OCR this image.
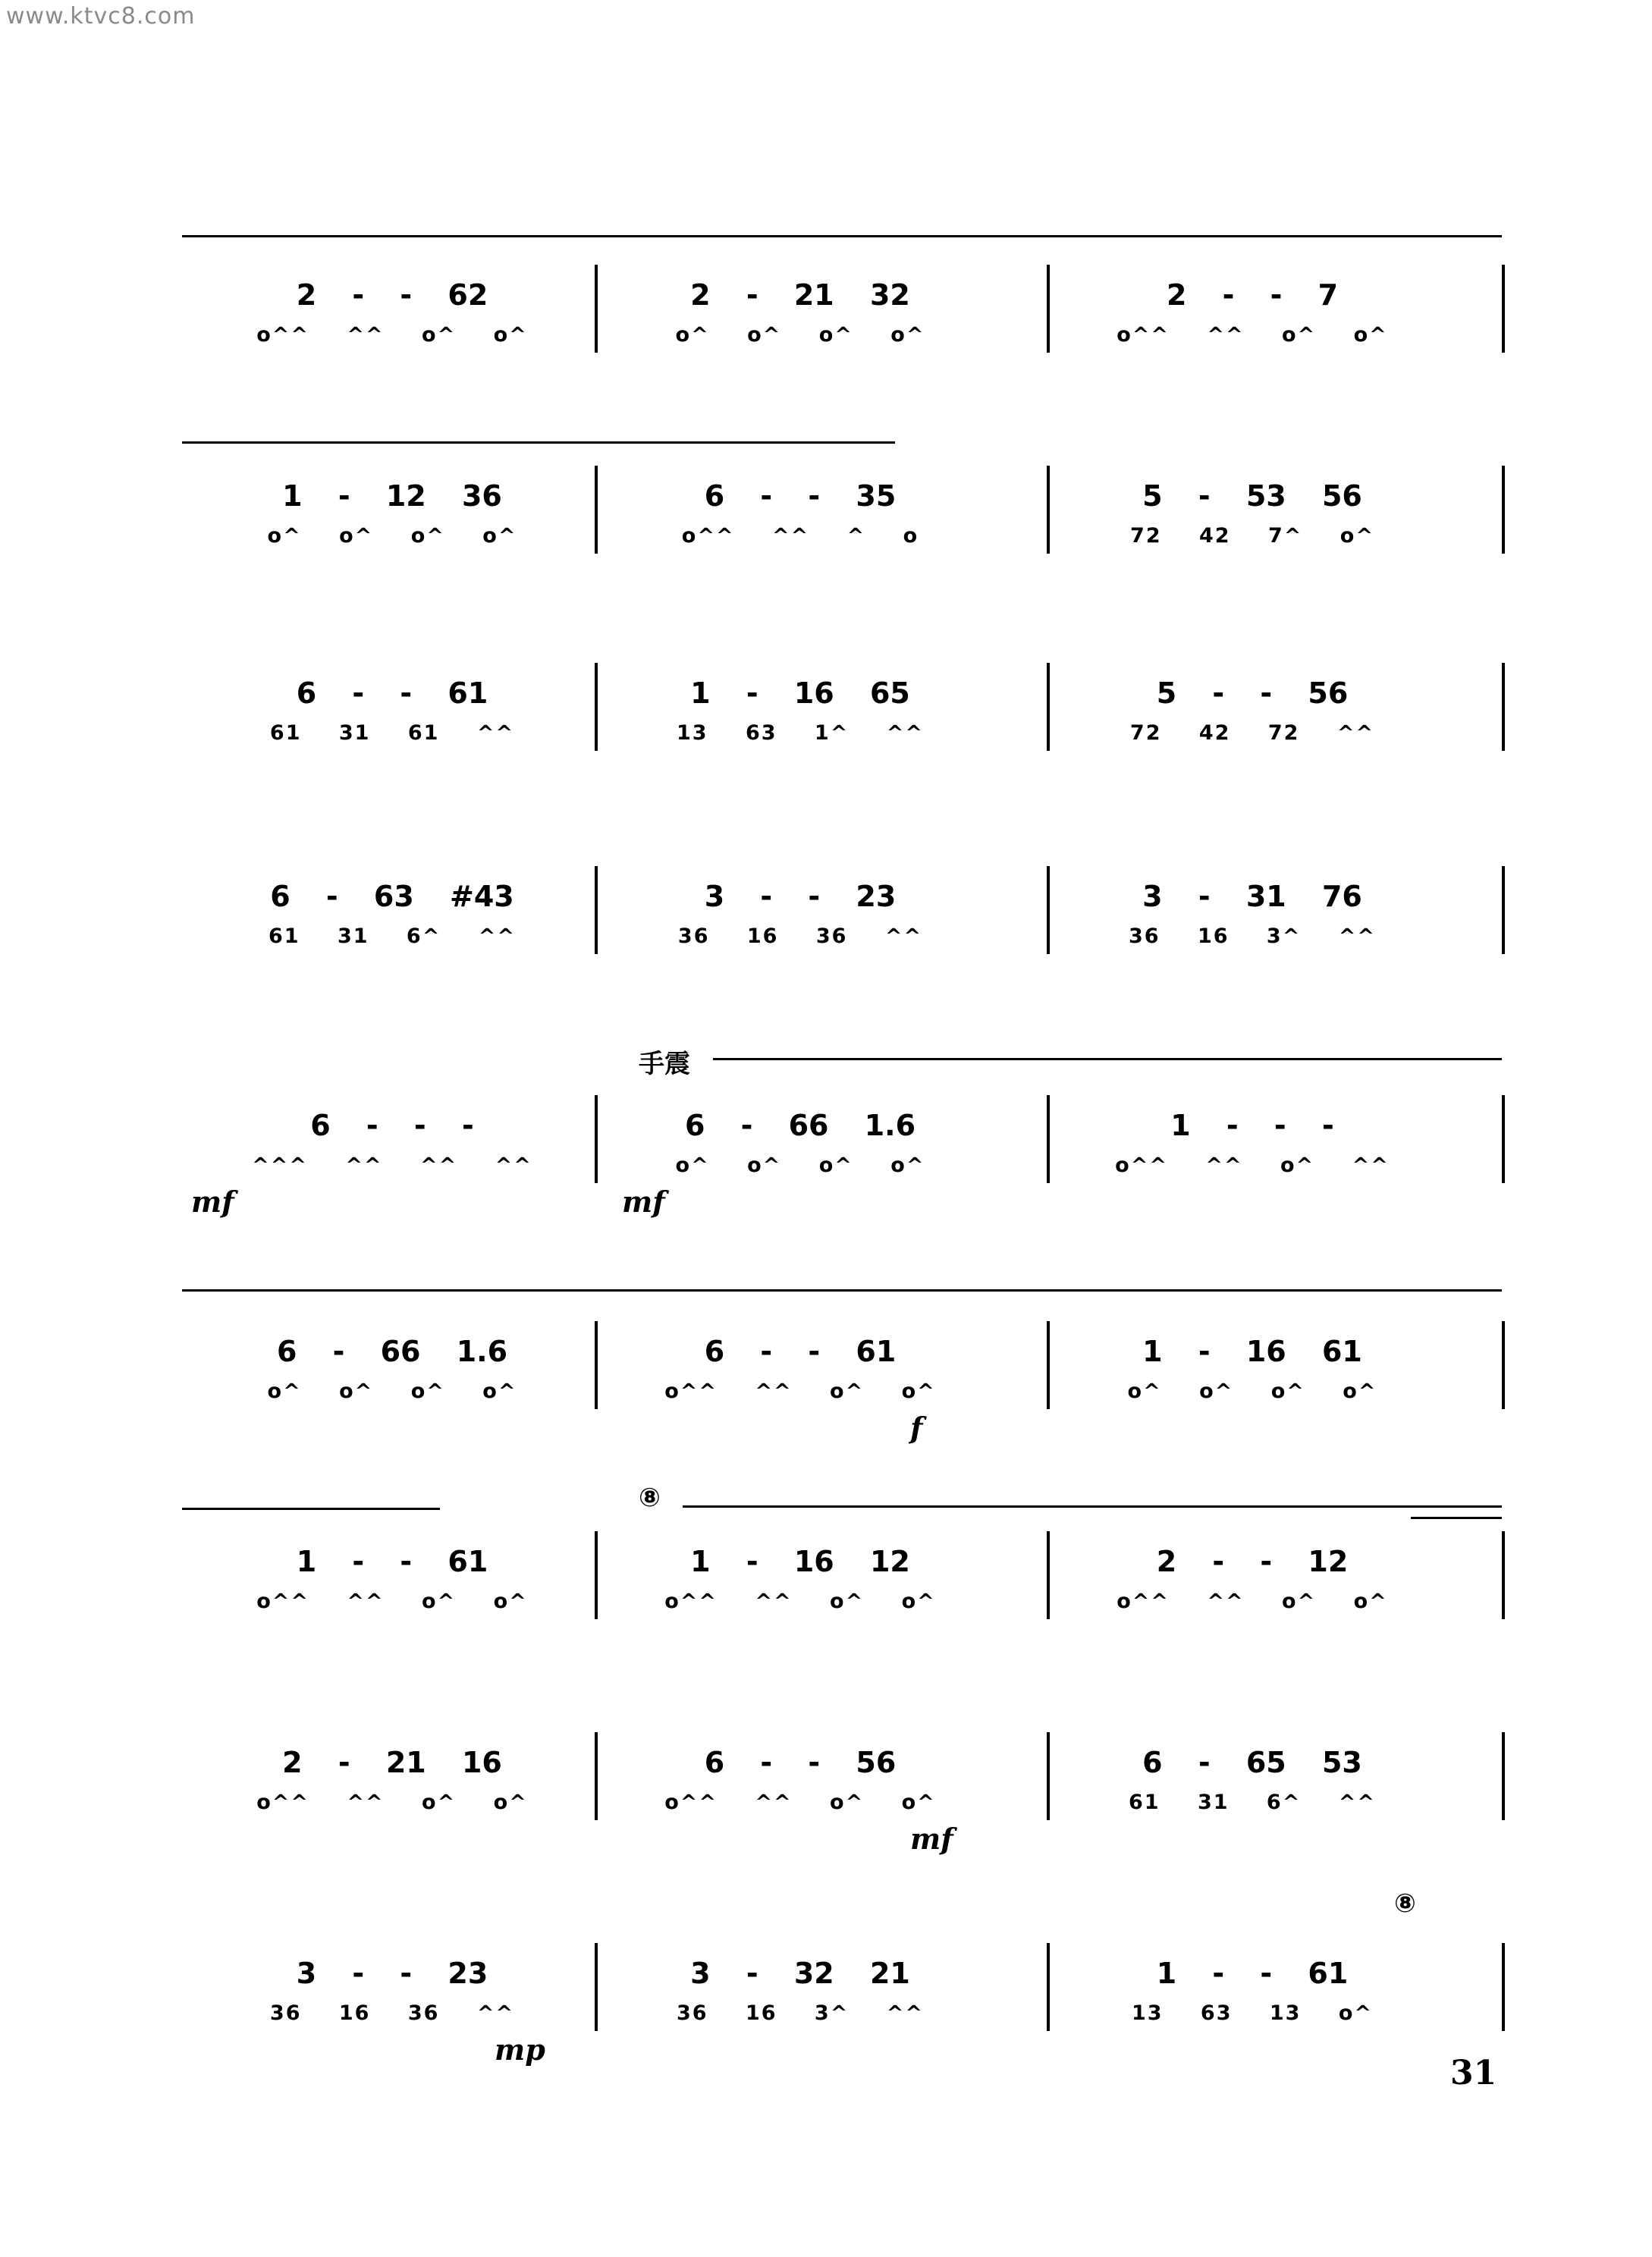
www.ktvc8.com
2 - - 62
o^^ ^^ o^ o^
2 - 21 32
o^ o^ o^ o^
2 - - 7
o^^ ^^ o^ o^
1 - 12 36
o^ o^ o^ o^
6 - - 35
o^^ ^^ ^ o
5 - 53 56
72 42 7^ o^
6 - - 61
61 31 61 ^^
1 - 16 65
13 63 1^ ^^
5 - - 56
72 42 72 ^^
6 - 63 #43
61 31 6^ ^^
3 - - 23
36 16 36 ^^
3 - 31 76
36 16 3^ ^^
6 - - -
^^^ ^^ ^^ ^^
mf
6 - 66 1.6
o^ o^ o^ o^
mf
1 - - -
o^^ ^^ o^ ^^
6 - 66 1.6
o^ o^ o^ o^
6 - - 61
o^^ ^^ o^ o^
f
1 - 16 61
o^ o^ o^ o^
1 - - 61
o^^ ^^ o^ o^
1 - 16 12
o^^ ^^ o^ o^
2 - - 12
o^^ ^^ o^ o^
2 - 21 16
o^^ ^^ o^ o^
6 - - 56
o^^ ^^ o^ o^
mf
6 - 65 53
61 31 6^ ^^
3 - - 23
36 16 36 ^^
mp
3 - 32 21
36 16 3^ ^^
1 - - 61
13 63 13 o^
手震
⑧
⑧
31
